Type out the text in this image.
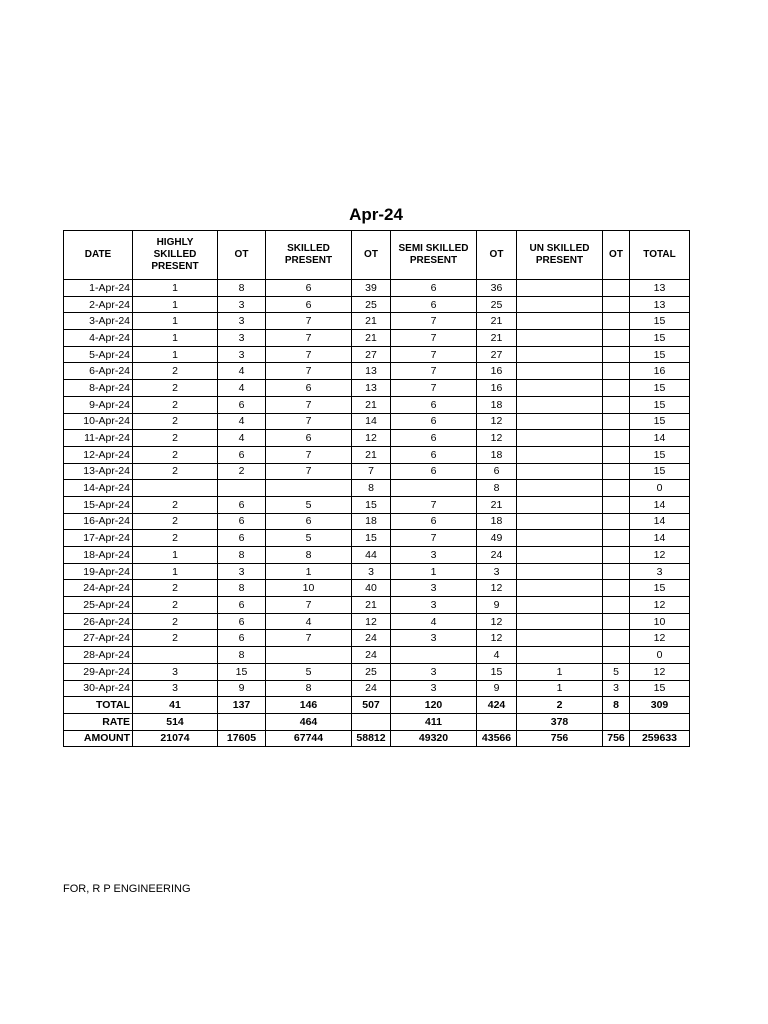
Apr-24
DATE	HIGHLY SKILLED PRESENT	OT	SKILLED PRESENT	OT	SEMI SKILLED PRESENT	OT	UN SKILLED PRESENT	OT	TOTAL
1-Apr-24	1	8	6	39	6	36			13
2-Apr-24	1	3	6	25	6	25			13
3-Apr-24	1	3	7	21	7	21			15
4-Apr-24	1	3	7	21	7	21			15
5-Apr-24	1	3	7	27	7	27			15
6-Apr-24	2	4	7	13	7	16			16
8-Apr-24	2	4	6	13	7	16			15
9-Apr-24	2	6	7	21	6	18			15
10-Apr-24	2	4	7	14	6	12			15
11-Apr-24	2	4	6	12	6	12			14
12-Apr-24	2	6	7	21	6	18			15
13-Apr-24	2	2	7	7	6	6			15
14-Apr-24				8		8			0
15-Apr-24	2	6	5	15	7	21			14
16-Apr-24	2	6	6	18	6	18			14
17-Apr-24	2	6	5	15	7	49			14
18-Apr-24	1	8	8	44	3	24			12
19-Apr-24	1	3	1	3	1	3			3
24-Apr-24	2	8	10	40	3	12			15
25-Apr-24	2	6	7	21	3	9			12
26-Apr-24	2	6	4	12	4	12			10
27-Apr-24	2	6	7	24	3	12			12
28-Apr-24		8		24		4			0
29-Apr-24	3	15	5	25	3	15	1	5	12
30-Apr-24	3	9	8	24	3	9	1	3	15
TOTAL	41	137	146	507	120	424	2	8	309
RATE	514		464		411		378		
AMOUNT	21074	17605	67744	58812	49320	43566	756	756	259633
FOR, R P ENGINEERING
